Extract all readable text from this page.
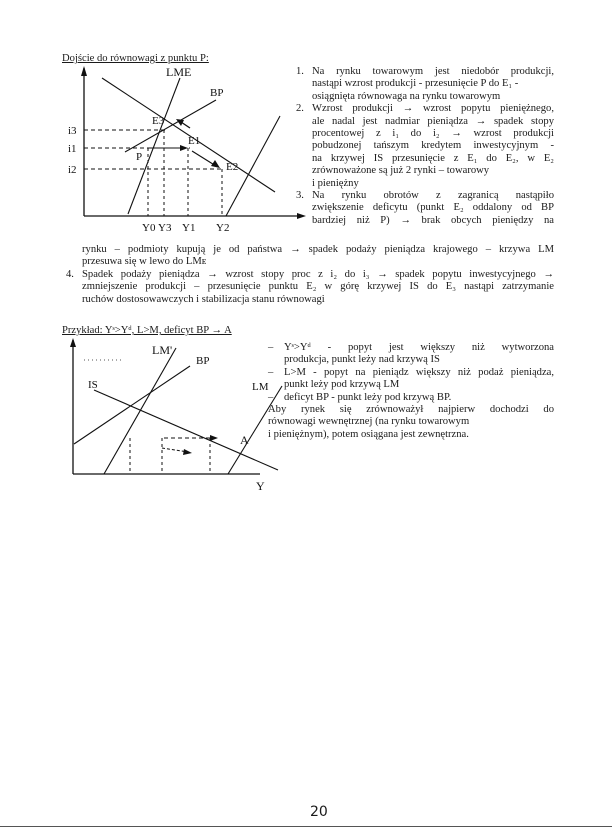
Dojście do równowagi z punktu P:
LME
BP
E3
E1
E2
P
i3
i1
i2
Y0 Y3 Y1 Y2
1. Na rynku towarowym jest niedobór produkcji,
nastąpi wzrost produkcji - przesunięcie P do E₁ -
osiągnięta równowaga na rynku towarowym
2. Wzrost produkcji → wzrost popytu pieniężnego,
ale nadal jest nadmiar pieniądza → spadek stopy
procentowej z i₁ do i₂ → wzrost produkcji
pobudzonej tańszym kredytem inwestycyjnym -
na krzywej IS przesunięcie z E₁ do E₂, w E₂
zrównoważone są już 2 rynki – towarowy
i pieniężny
3. Na rynku obrotów z zagranicą nastąpiło
zwiększenie deficytu (punkt E₂ oddalony od BP
bardziej niż P) → brak obcych pieniędzy na
rynku – podmioty kupują je od państwa → spadek podaży pieniądza krajowego – krzywa LM
przesuwa się w lewo do LMᴇ
4. Spadek podaży pieniądza → wzrost stopy proc z i₂ do i₃ → spadek popytu inwestycyjnego →
zmniejszenie produkcji – przesunięcie punktu E₂ w górę krzywej IS do E₃ nastąpi zatrzymanie
ruchów dostosowawczych i stabilizacja stanu równowagi
Przykład: Yˢ>Yᵈ, L>M, deficyt BP → A
LM'
BP
IS	LM
A
Y
– Yˢ>Yᵈ - popyt jest większy niż wytworzona
produkcja, punkt leży nad krzywą IS
– L>M - popyt na pieniądz większy niż podaż pieniądza,
punkt leży pod krzywą LM
– deficyt BP - punkt leży pod krzywą BP.
Aby rynek się zrównoważył najpierw dochodzi do
równowagi wewnętrznej (na rynku towarowym
i pieniężnym), potem osiągana jest zewnętrzna.
20
